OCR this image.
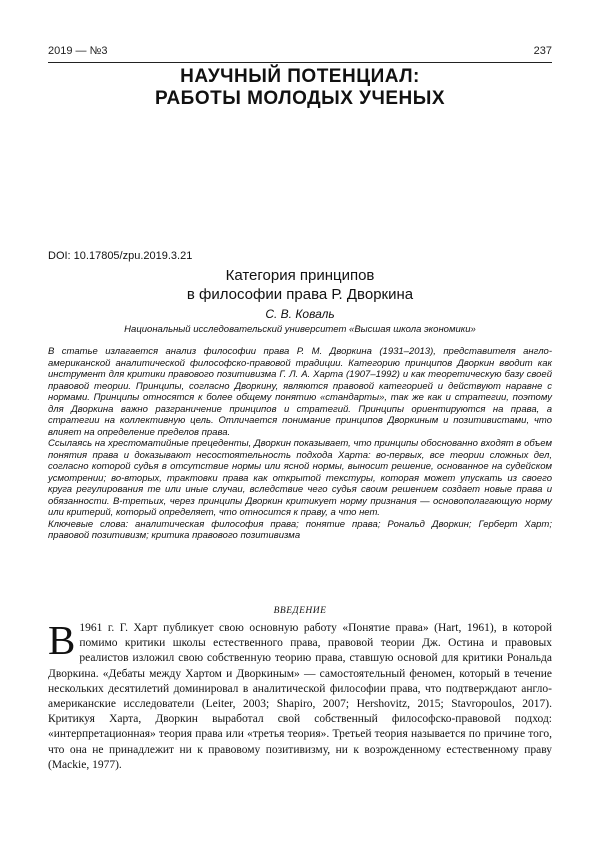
2019 — №3	237
НАУЧНЫЙ ПОТЕНЦИАЛ:
РАБОТЫ МОЛОДЫХ УЧЕНЫХ
DOI: 10.17805/zpu.2019.3.21
Категория принципов
в философии права Р. Дворкина
С. В. Коваль
Национальный исследовательский университет «Высшая школа экономики»

В статье излагается анализ философии права Р. М. Дворкина (1931–2013), представителя англо-американской аналитической философско-правовой традиции. Категорию принципов Дворкин вводит как инструмент для критики правового позитивизма Г. Л. А. Харта (1907–1992) и как теоретическую базу своей правовой теории. Принципы, согласно Дворкину, являются правовой категорией и действуют наравне с нормами. Принципы относятся к более общему понятию «стандарты», так же как и стратегии, поэтому для Дворкина важно разграничение принципов и стратегий. Принципы ориентируются на права, а стратегии на коллективную цель. Отличается понимание принципов Дворкиным и позитивистами, что влияет на определение пределов права.

Ссылаясь на хрестоматийные прецеденты, Дворкин показывает, что принципы обоснованно входят в объем понятия права и доказывают несостоятельность подхода Харта: во-первых, все теории сложных дел, согласно которой судья в отсутствие нормы или ясной нормы, выносит решение, основанное на судейском усмотрении; во-вторых, трактовки права как открытой текстуры, которая может упускать из своего круга регулирования те или иные случаи, вследствие чего судья своим решением создает новые права и обязанности. В-третьих, через принципы Дворкин критикует норму признания — основополагающую норму или критерий, который определяет, что относится к праву, а что нет.

Ключевые слова: аналитическая философия права; понятие права; Рональд Дворкин; Герберт Харт; правовой позитивизм; критика правового позитивизма

ВВЕДЕНИЕ
В 1961 г. Г. Харт публикует свою основную работу «Понятие права» (Hart, 1961), в которой помимо критики школы естественного права, правовой теории Дж. Остина и правовых реалистов изложил свою собственную теорию права, ставшую основой для критики Рональда Дворкина. «Дебаты между Хартом и Дворкиным» — самостоятельный феномен, который в течение нескольких десятилетий доминировал в аналитической философии права, что подтверждают англо-американские исследователи (Leiter, 2003; Shapiro, 2007; Hershovitz, 2015; Stavropoulos, 2017). Критикуя Харта, Дворкин выработал свой собственный философско-правовой подход: «интерпретационная» теория права или «третья теория». Третьей теория называется по причине того, что она не принадлежит ни к правовому позитивизму, ни к возрожденному естественному праву (Mackie, 1977).
